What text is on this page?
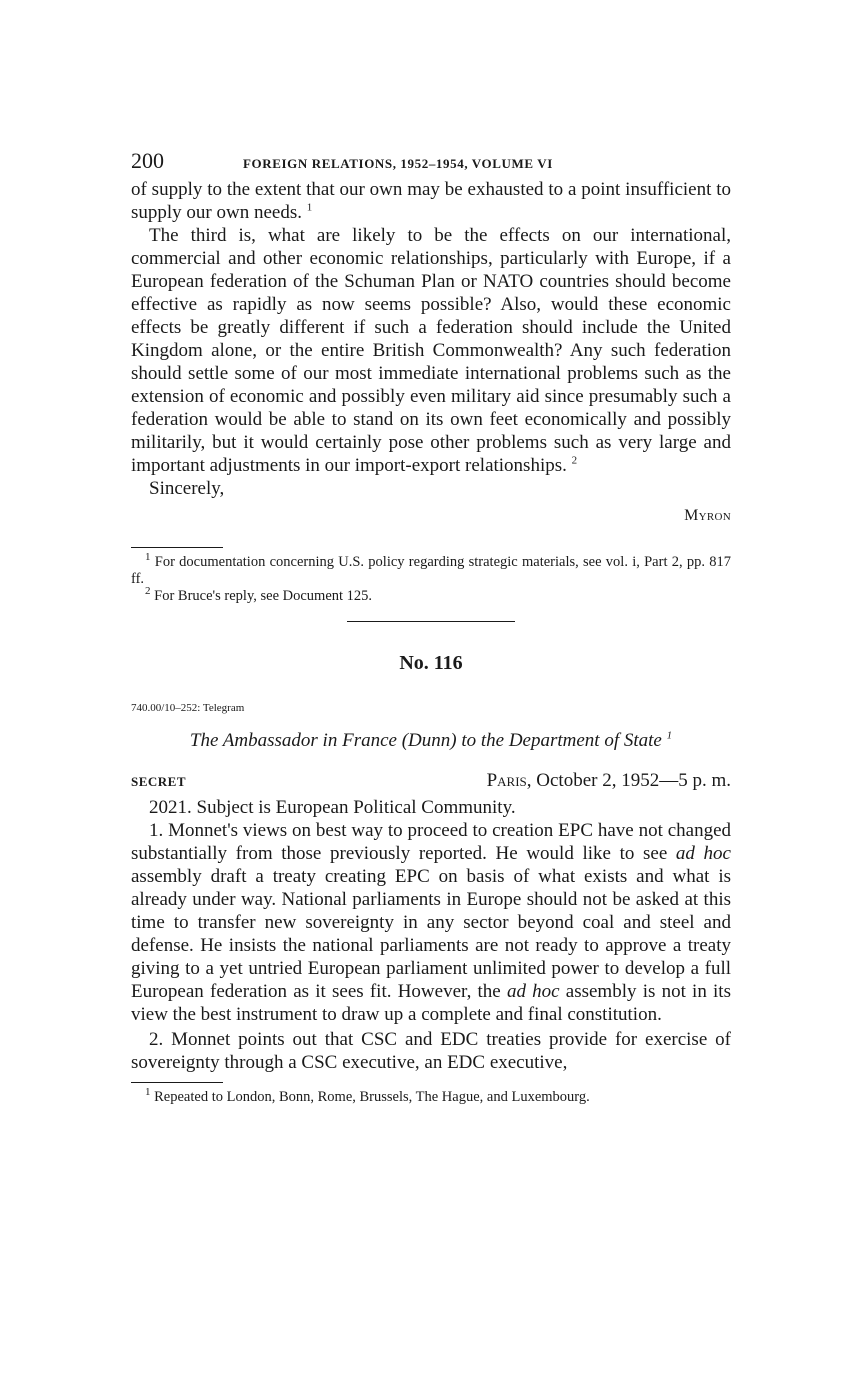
200	FOREIGN RELATIONS, 1952–1954, VOLUME VI

of supply to the extent that our own may be exhausted to a point insufficient to supply our own needs. $^1$

The third is, what are likely to be the effects on our international, commercial and other economic relationships, particularly with Europe, if a European federation of the Schuman Plan or NATO countries should become effective as rapidly as now seems possible? Also, would these economic effects be greatly different if such a federation should include the United Kingdom alone, or the entire British Commonwealth? Any such federation should settle some of our most immediate international problems such as the extension of economic and possibly even military aid since presumably such a federation would be able to stand on its own feet economically and possibly militarily, but it would certainly pose other problems such as very large and important adjustments in our import-export relationships. $^2$

Sincerely,

Myron

$^1$ For documentation concerning U.S. policy regarding strategic materials, see vol. i, Part 2, pp. 817 ff.

$^2$ For Bruce's reply, see Document 125.

No. 116
740.00/10–252: Telegram
The Ambassador in France (Dunn) to the Department of State $^1$
SECRET	Paris, October 2, 1952—5 p. m.

2021. Subject is European Political Community.

1. Monnet's views on best way to proceed to creation EPC have not changed substantially from those previously reported. He would like to see ad hoc assembly draft a treaty creating EPC on basis of what exists and what is already under way. National parliaments in Europe should not be asked at this time to transfer new sovereignty in any sector beyond coal and steel and defense. He insists the national parliaments are not ready to approve a treaty giving to a yet untried European parliament unlimited power to develop a full European federation as it sees fit. However, the ad hoc assembly is not in its view the best instrument to draw up a complete and final constitution.

2. Monnet points out that CSC and EDC treaties provide for exercise of sovereignty through a CSC executive, an EDC executive,

$^1$ Repeated to London, Bonn, Rome, Brussels, The Hague, and Luxembourg.
